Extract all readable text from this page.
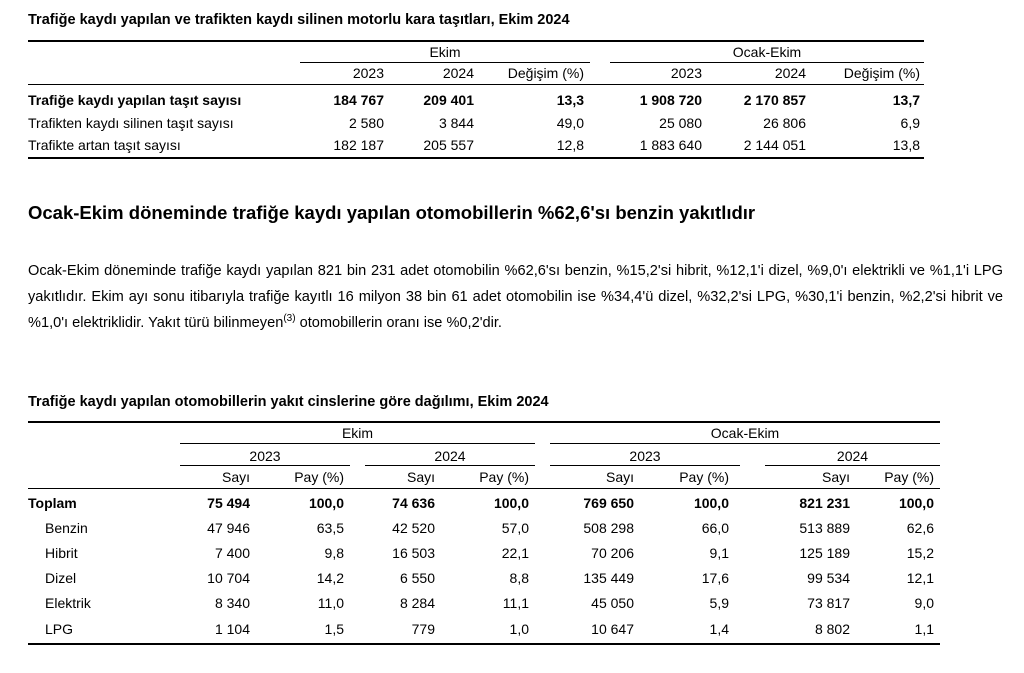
Trafiğe kaydı yapılan ve trafikten kaydı silinen motorlu kara taşıtları, Ekim 2024
Ekim	Ocak-Ekim
2023	2024	Değişim (%)	2023	2024	Değişim (%)
Trafiğe kaydı yapılan taşıt sayısı	184 767	209 401	13,3	1 908 720	2 170 857	13,7
Trafikten kaydı silinen taşıt sayısı	2 580	3 844	49,0	25 080	26 806	6,9
Trafikte artan taşıt sayısı	182 187	205 557	12,8	1 883 640	2 144 051	13,8
Ocak-Ekim döneminde trafiğe kaydı yapılan otomobillerin %62,6'sı benzin yakıtlıdır

Ocak-Ekim döneminde trafiğe kaydı yapılan 821 bin 231 adet otomobilin %62,6'sı benzin, %15,2'si hibrit, %12,1'i dizel, %9,0'ı elektrikli ve %1,1'i LPG yakıtlıdır. Ekim ayı sonu itibarıyla trafiğe kayıtlı 16 milyon 38 bin 61 adet otomobilin ise %34,4'ü dizel, %32,2'si LPG, %30,1'i benzin, %2,2'si hibrit ve %1,0'ı elektriklidir. Yakıt türü bilinmeyen$^{(3)}$ otomobillerin oranı ise %0,2'dir.

Trafiğe kaydı yapılan otomobillerin yakıt cinslerine göre dağılımı, Ekim 2024
Ekim	Ocak-Ekim
2023	2024	2023	2024
Sayı	Pay (%)	Sayı	Pay (%)	Sayı	Pay (%)	Sayı	Pay (%)
Toplam	75 494	100,0	74 636	100,0	769 650	100,0	821 231	100,0
Benzin	47 946	63,5	42 520	57,0	508 298	66,0	513 889	62,6
Hibrit	7 400	9,8	16 503	22,1	70 206	9,1	125 189	15,2
Dizel	10 704	14,2	6 550	8,8	135 449	17,6	99 534	12,1
Elektrik	8 340	11,0	8 284	11,1	45 050	5,9	73 817	9,0
LPG	1 104	1,5	779	1,0	10 647	1,4	8 802	1,1
